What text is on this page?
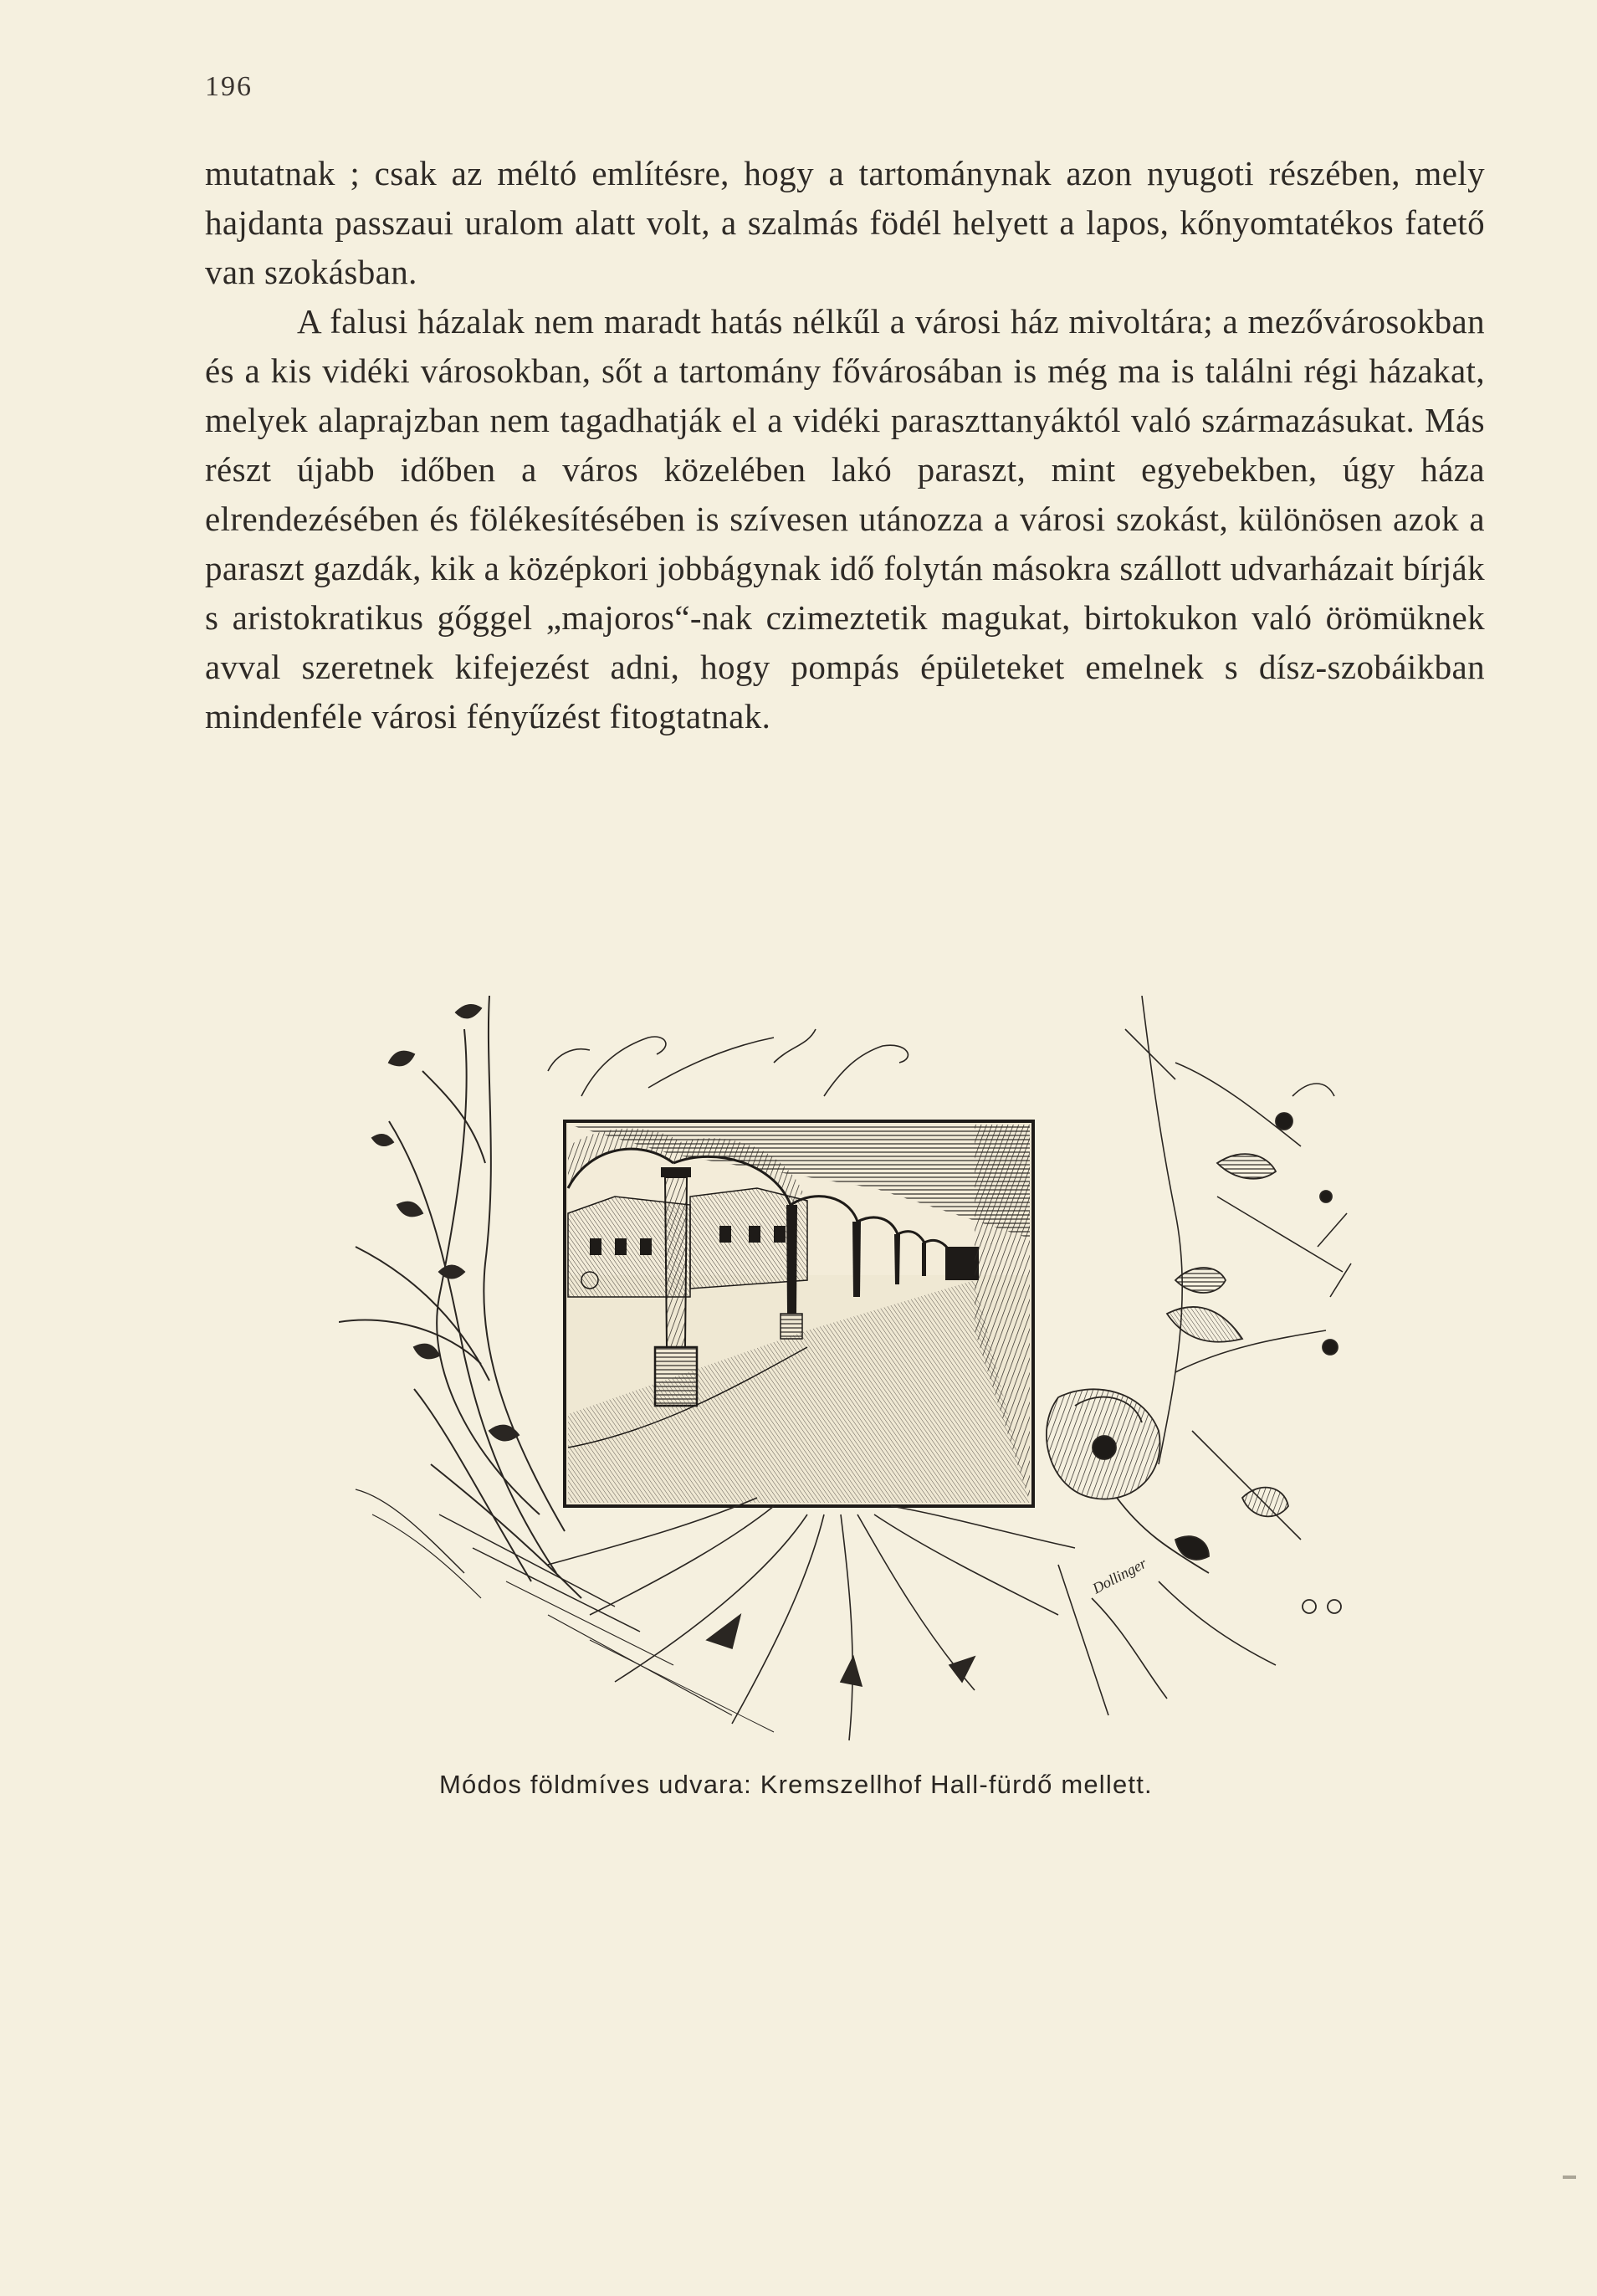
196

mutatnak ; csak az méltó említésre, hogy a tartománynak azon nyugoti részében, mely hajdanta passzaui uralom alatt volt, a szalmás födél helyett a lapos, kőnyomtatékos fatető van szokásban.

A falusi házalak nem maradt hatás nélkűl a városi ház mivoltára; a mezővárosokban és a kis vidéki városokban, sőt a tartomány fővárosában is még ma is találni régi házakat, melyek alaprajzban nem tagadhatják el a vidéki paraszttanyáktól való származásukat. Más részt újabb időben a város közelében lakó paraszt, mint egyebekben, úgy háza elrendezésében és fölékesítésében is szívesen utánozza a városi szokást, különösen azok a paraszt gazdák, kik a középkori jobbágynak idő folytán másokra szállott udvarházait bírják s aristokratikus gőggel „majoros“-nak czimeztetik magukat, birtokukon való örömüknek avval szeretnek kifejezést adni, hogy pompás épületeket emelnek s dísz-szobáikban mindenféle városi fényűzést fitogtatnak.

Dollinger
Módos földmíves udvara: Kremszellhof Hall-fürdő mellett.
